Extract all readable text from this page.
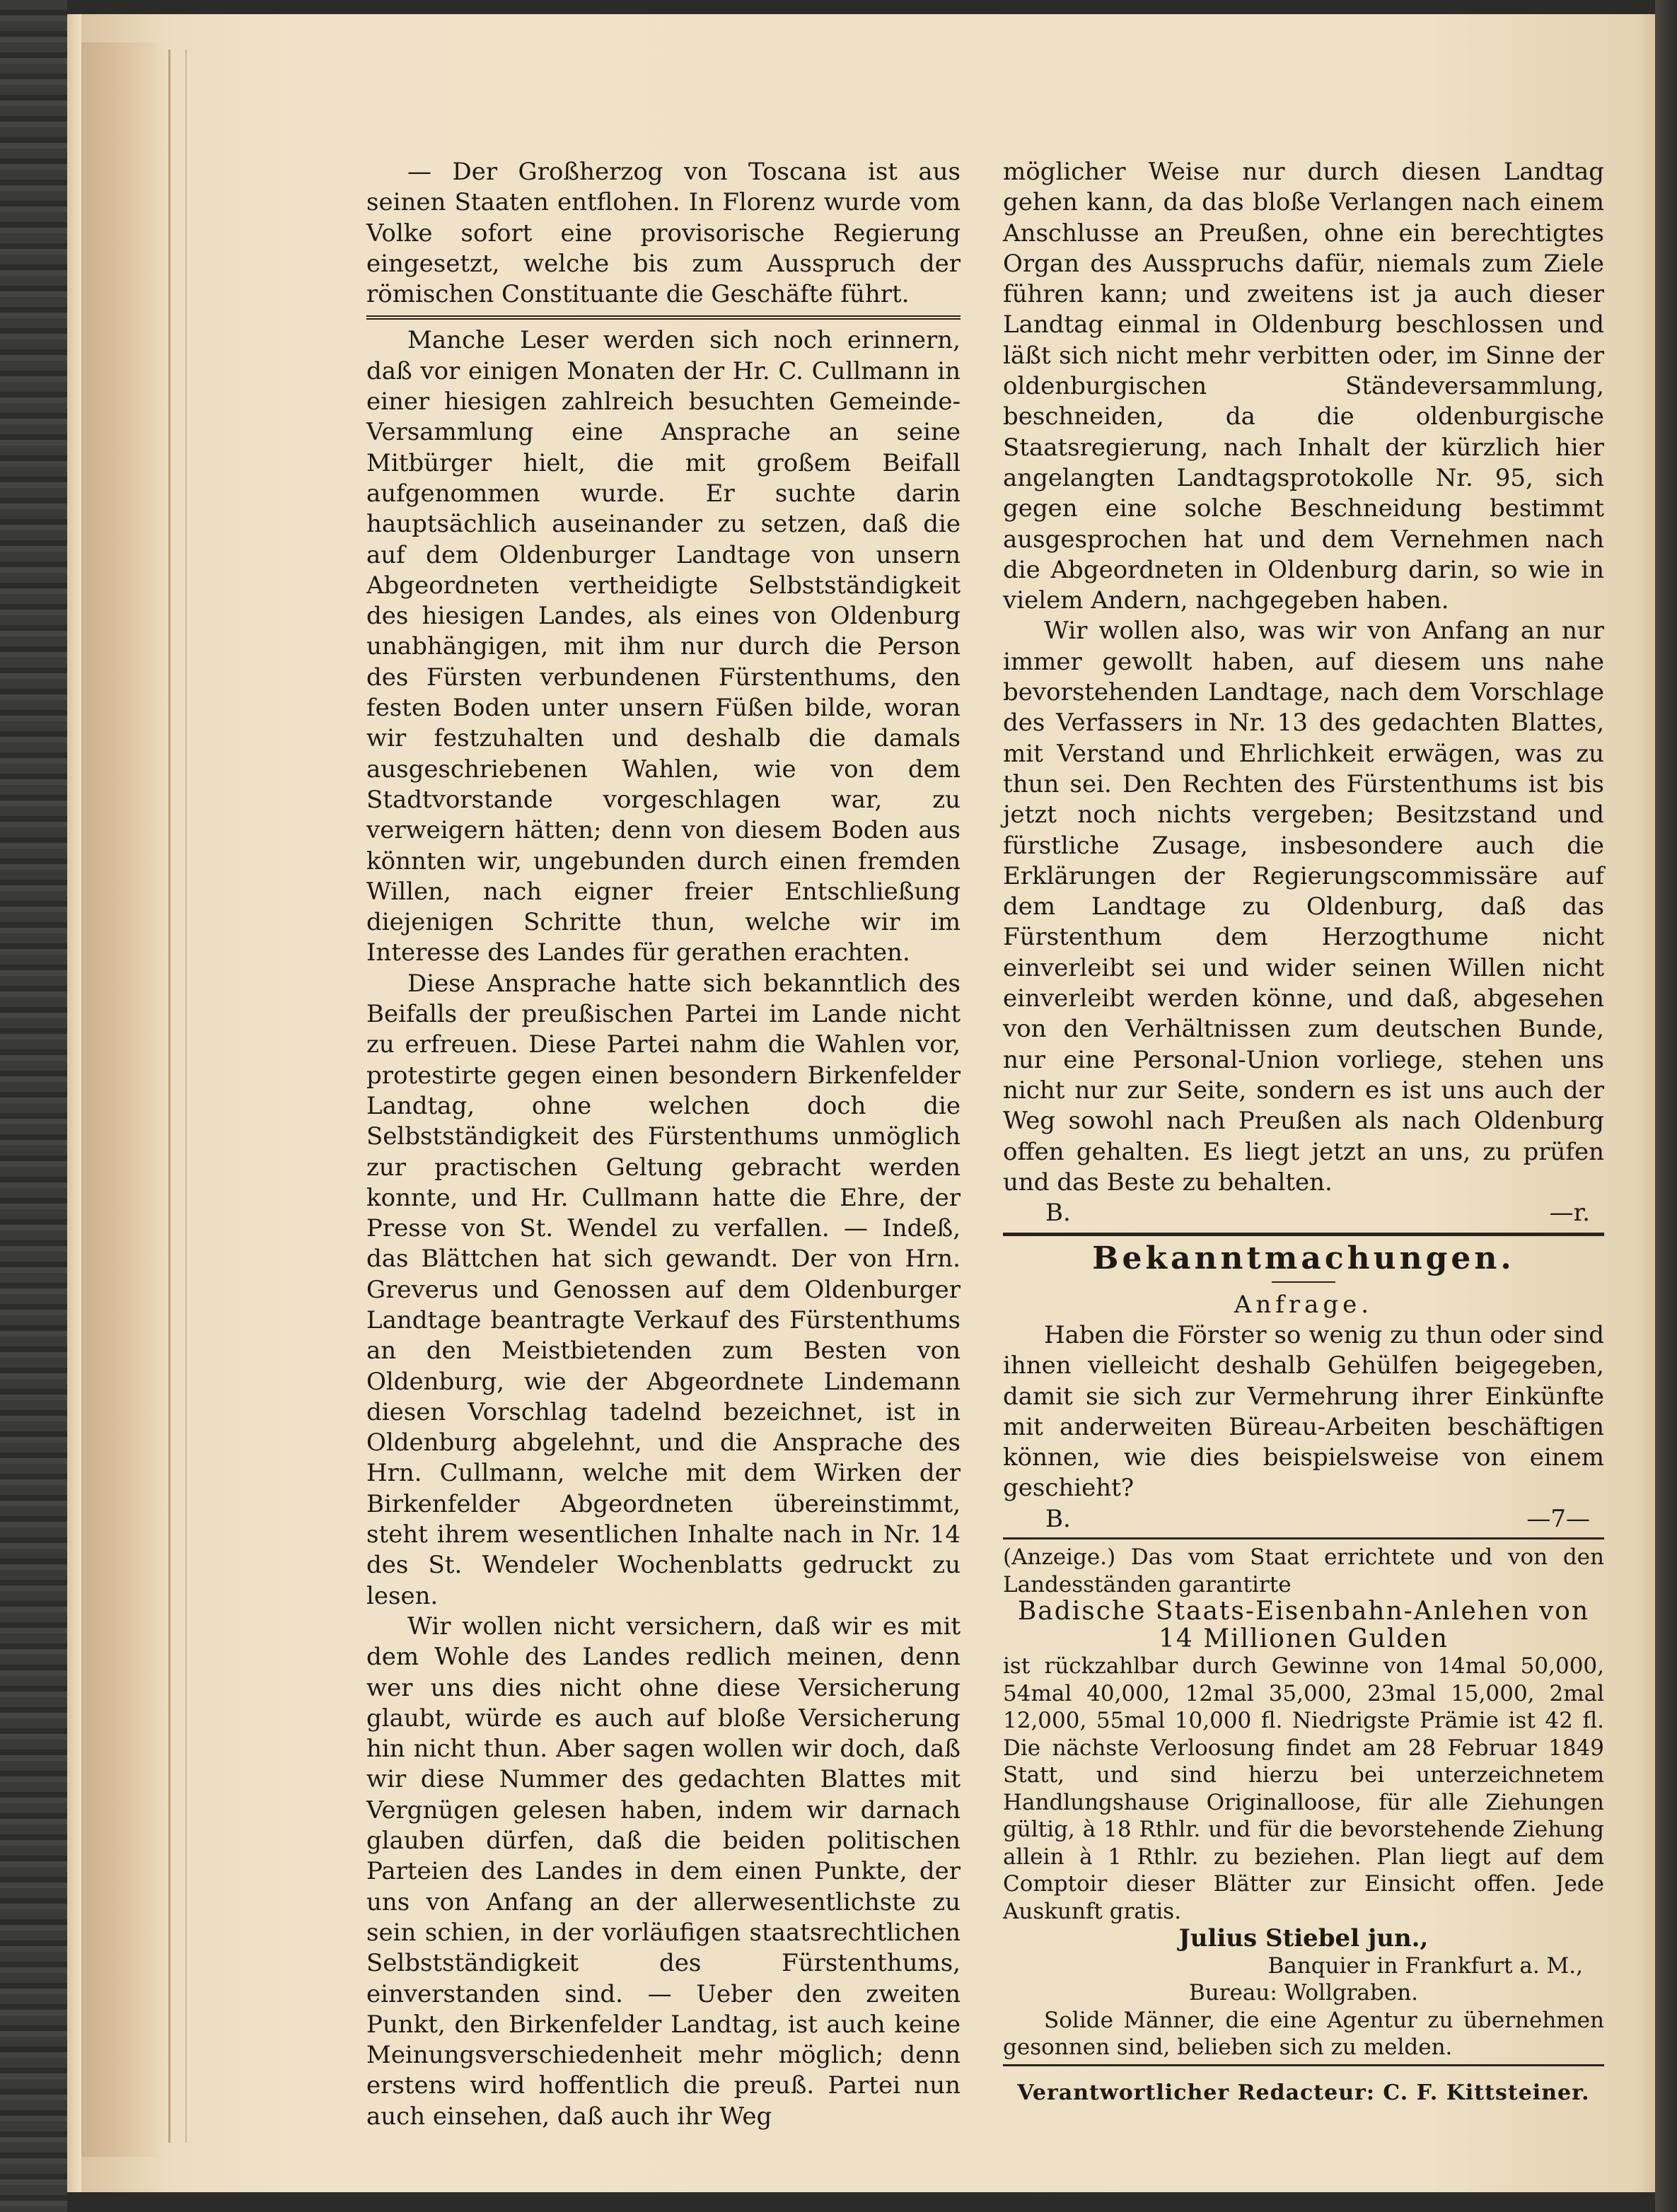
— Der Großherzog von Toscana ist aus seinen Staaten entflohen. In Florenz wurde vom Volke sofort eine provisorische Regierung eingesetzt, welche bis zum Ausspruch der römischen Constituante die Geschäfte führt.

Manche Leser werden sich noch erinnern, daß vor einigen Monaten der Hr. C. Cullmann in einer hiesigen zahlreich besuchten Gemeinde-Versammlung eine Ansprache an seine Mitbürger hielt, die mit großem Beifall aufgenommen wurde. Er suchte darin hauptsächlich auseinander zu setzen, daß die auf dem Oldenburger Landtage von unsern Abgeordneten vertheidigte Selbstständigkeit des hiesigen Landes, als eines von Oldenburg unabhängigen, mit ihm nur durch die Person des Fürsten verbundenen Fürstenthums, den festen Boden unter unsern Füßen bilde, woran wir festzuhalten und deshalb die damals ausgeschriebenen Wahlen, wie von dem Stadtvorstande vorgeschlagen war, zu verweigern hätten; denn von diesem Boden aus könnten wir, ungebunden durch einen fremden Willen, nach eigner freier Entschließung diejenigen Schritte thun, welche wir im Interesse des Landes für gerathen erachten.

Diese Ansprache hatte sich bekanntlich des Beifalls der preußischen Partei im Lande nicht zu erfreuen. Diese Partei nahm die Wahlen vor, protestirte gegen einen besondern Birkenfelder Landtag, ohne welchen doch die Selbstständigkeit des Fürstenthums unmöglich zur practischen Geltung gebracht werden konnte, und Hr. Cullmann hatte die Ehre, der Presse von St. Wendel zu verfallen. — Indeß, das Blättchen hat sich gewandt. Der von Hrn. Greverus und Genossen auf dem Oldenburger Landtage beantragte Verkauf des Fürstenthums an den Meistbietenden zum Besten von Oldenburg, wie der Abgeordnete Lindemann diesen Vorschlag tadelnd bezeichnet, ist in Oldenburg abgelehnt, und die Ansprache des Hrn. Cullmann, welche mit dem Wirken der Birkenfelder Abgeordneten übereinstimmt, steht ihrem wesentlichen Inhalte nach in Nr. 14 des St. Wendeler Wochenblatts gedruckt zu lesen.

Wir wollen nicht versichern, daß wir es mit dem Wohle des Landes redlich meinen, denn wer uns dies nicht ohne diese Versicherung glaubt, würde es auch auf bloße Versicherung hin nicht thun. Aber sagen wollen wir doch, daß wir diese Nummer des gedachten Blattes mit Vergnügen gelesen haben, indem wir darnach glauben dürfen, daß die beiden politischen Parteien des Landes in dem einen Punkte, der uns von Anfang an der allerwesentlichste zu sein schien, in der vorläufigen staatsrechtlichen Selbstständigkeit des Fürstenthums, einverstanden sind. — Ueber den zweiten Punkt, den Birkenfelder Landtag, ist auch keine Meinungsverschiedenheit mehr möglich; denn erstens wird hoffentlich die preuß. Partei nun auch einsehen, daß auch ihr Weg

möglicher Weise nur durch diesen Landtag gehen kann, da das bloße Verlangen nach einem Anschlusse an Preußen, ohne ein berechtigtes Organ des Ausspruchs dafür, niemals zum Ziele führen kann; und zweitens ist ja auch dieser Landtag einmal in Oldenburg beschlossen und läßt sich nicht mehr verbitten oder, im Sinne der oldenburgischen Ständeversammlung, beschneiden, da die oldenburgische Staatsregierung, nach Inhalt der kürzlich hier angelangten Landtagsprotokolle Nr. 95, sich gegen eine solche Beschneidung bestimmt ausgesprochen hat und dem Vernehmen nach die Abgeordneten in Oldenburg darin, so wie in vielem Andern, nachgegeben haben.

Wir wollen also, was wir von Anfang an nur immer gewollt haben, auf diesem uns nahe bevorstehenden Landtage, nach dem Vorschlage des Verfassers in Nr. 13 des gedachten Blattes, mit Verstand und Ehrlichkeit erwägen, was zu thun sei. Den Rechten des Fürstenthums ist bis jetzt noch nichts vergeben; Besitzstand und fürstliche Zusage, insbesondere auch die Erklärungen der Regierungscommissäre auf dem Landtage zu Oldenburg, daß das Fürstenthum dem Herzogthume nicht einverleibt sei und wider seinen Willen nicht einverleibt werden könne, und daß, abgesehen von den Verhältnissen zum deutschen Bunde, nur eine Personal-Union vorliege, stehen uns nicht nur zur Seite, sondern es ist uns auch der Weg sowohl nach Preußen als nach Oldenburg offen gehalten. Es liegt jetzt an uns, zu prüfen und das Beste zu behalten.

B.	—r.
Bekanntmachungen.
Anfrage.

Haben die Förster so wenig zu thun oder sind ihnen vielleicht deshalb Gehülfen beigegeben, damit sie sich zur Vermehrung ihrer Einkünfte mit anderweiten Büreau-Arbeiten beschäftigen können, wie dies beispielsweise von einem geschieht?

B.	—7—

(Anzeige.) Das vom Staat errichtete und von den Landesständen garantirte

Badische Staats-Eisenbahn-Anlehen von
14 Millionen Gulden

ist rückzahlbar durch Gewinne von 14mal 50,000, 54mal 40,000, 12mal 35,000, 23mal 15,000, 2mal 12,000, 55mal 10,000 fl. Niedrigste Prämie ist 42 fl. Die nächste Verloosung findet am 28 Februar 1849 Statt, und sind hierzu bei unterzeichnetem Handlungshause Originalloose, für alle Ziehungen gültig, à 18 Rthlr. und für die bevorstehende Ziehung allein à 1 Rthlr. zu beziehen. Plan liegt auf dem Comptoir dieser Blätter zur Einsicht offen. Jede Auskunft gratis.

Julius Stiebel jun.,
Banquier in Frankfurt a. M.,
Bureau: Wollgraben.

Solide Männer, die eine Agentur zu übernehmen gesonnen sind, belieben sich zu melden.

Verantwortlicher Redacteur: C. F. Kittsteiner.
